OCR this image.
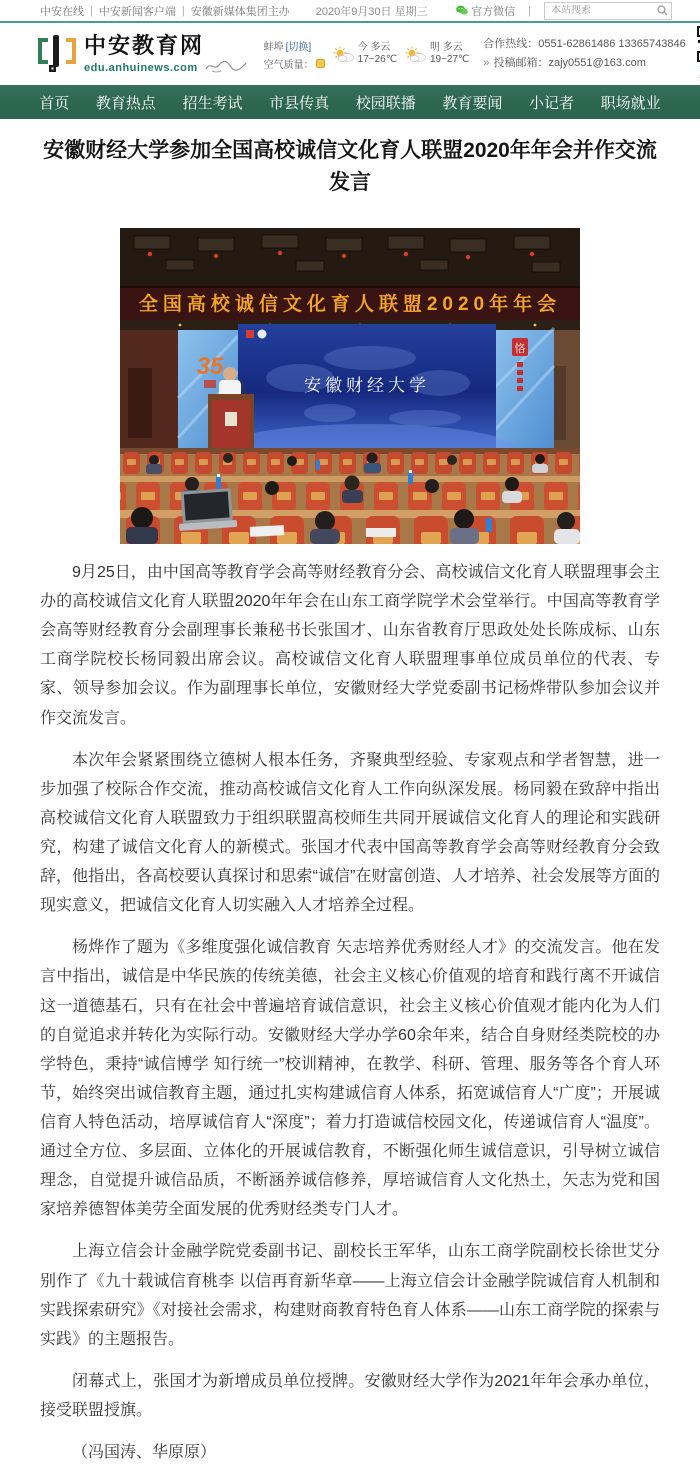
中安在线 | 中安新闻客户端 | 安徽新媒体集团主办 2020年9月30日 星期三	官方微信 |
本站搜索
中安教育网
edu.anhuinews.com
蚌埠 [切换]
空气质量：
今 多云
17~26℃
明 多云
19~27℃
合作热线：0551-62861486 13365743846
» 投稿邮箱：zajy0551@163.com
首页	教育热点	招生考试	市县传真	校园联播	教育要闻	小记者	职场就业
安徽财经大学参加全国高校诚信文化育人联盟2020年年会并作交流发言
全国高校诚信文化育人联盟2020年年会
35
恪
安徽财经大学

9月25日，由中国高等教育学会高等财经教育分会、高校诚信文化育人联盟理事会主办的高校诚信文化育人联盟2020年年会在山东工商学院学术会堂举行。中国高等教育学会高等财经教育分会副理事长兼秘书长张国才、山东省教育厅思政处处长陈成标、山东工商学院校长杨同毅出席会议。高校诚信文化育人联盟理事单位成员单位的代表、专家、领导参加会议。作为副理事长单位，安徽财经大学党委副书记杨烨带队参加会议并作交流发言。

本次年会紧紧围绕立德树人根本任务，齐聚典型经验、专家观点和学者智慧，进一步加强了校际合作交流，推动高校诚信文化育人工作向纵深发展。杨同毅在致辞中指出高校诚信文化育人联盟致力于组织联盟高校师生共同开展诚信文化育人的理论和实践研究，构建了诚信文化育人的新模式。张国才代表中国高等教育学会高等财经教育分会致辞，他指出，各高校要认真探讨和思索“诚信”在财富创造、人才培养、社会发展等方面的现实意义，把诚信文化育人切实融入人才培养全过程。

杨烨作了题为《多维度强化诚信教育 矢志培养优秀财经人才》的交流发言。他在发言中指出，诚信是中华民族的传统美德，社会主义核心价值观的培育和践行离不开诚信这一道德基石，只有在社会中普遍培育诚信意识，社会主义核心价值观才能内化为人们的自觉追求并转化为实际行动。安徽财经大学办学60余年来，结合自身财经类院校的办学特色，秉持“诚信博学 知行统一”校训精神，在教学、科研、管理、服务等各个育人环节，始终突出诚信教育主题，通过扎实构建诚信育人体系，拓宽诚信育人“广度”；开展诚信育人特色活动，培厚诚信育人“深度”；着力打造诚信校园文化，传递诚信育人“温度”。通过全方位、多层面、立体化的开展诚信教育，不断强化师生诚信意识，引导树立诚信理念，自觉提升诚信品质，不断涵养诚信修养，厚培诚信育人文化热土，矢志为党和国家培养德智体美劳全面发展的优秀财经类专门人才。

上海立信会计金融学院党委副书记、副校长王军华，山东工商学院副校长徐世艾分别作了《九十载诚信育桃李 以信再育新华章——上海立信会计金融学院诚信育人机制和实践探索研究》《对接社会需求，构建财商教育特色育人体系——山东工商学院的探索与实践》的主题报告。

闭幕式上，张国才为新增成员单位授牌。安徽财经大学作为2021年年会承办单位，接受联盟授旗。

（冯国涛、华原原）
